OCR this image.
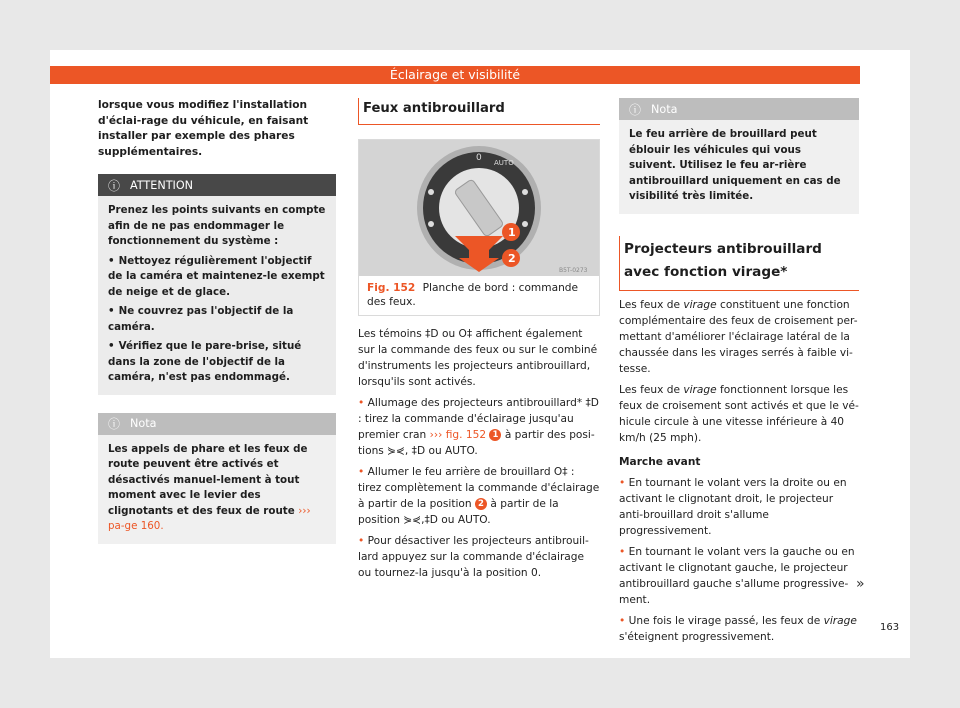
Éclairage et visibilité

lorsque vous modifiez l'installation d'éclai-rage du véhicule, en faisant installer par exemple des phares supplémentaires.

ⓘ ATTENTION

Prenez les points suivants en compte afin de ne pas endommager le fonctionnement du système :

• Nettoyez régulièrement l'objectif de la caméra et maintenez-le exempt de neige et de glace.

• Ne couvrez pas l'objectif de la caméra.

• Vérifiez que le pare-brise, situé dans la zone de l'objectif de la caméra, n'est pas endommagé.

ⓘ Nota

Les appels de phare et les feux de route peuvent être activés et désactivés manuel-lement à tout moment avec le levier des clignotants et des feux de route ››› pa-ge 160.

Feux antibrouillard
0 AUTO
1
2
B5T-0273
Fig. 152 Planche de bord : commande des feux.

Les témoins ‡D ou O‡ affichent également sur la commande des feux ou sur le combiné d'instruments les projecteurs antibrouillard, lorsqu'ils sont activés.

• Allumage des projecteurs antibrouillard* ‡D : tirez la commande d'éclairage jusqu'au premier cran ››› fig. 152 1 à partir des posi-tions ⋟⋞, ‡D ou AUTO.

• Allumer le feu arrière de brouillard O‡ : tirez complètement la commande d'éclairage à partir de la position 2 à partir de la position ⋟⋞,‡D ou AUTO.

• Pour désactiver les projecteurs antibrouil-lard appuyez sur la commande d'éclairage ou tournez-la jusqu'à la position 0.

ⓘ Nota

Le feu arrière de brouillard peut éblouir les véhicules qui vous suivent. Utilisez le feu ar-rière antibrouillard uniquement en cas de visibilité très limitée.

Projecteurs antibrouillard avec fonction virage*

Les feux de virage constituent une fonction complémentaire des feux de croisement per-mettant d'améliorer l'éclairage latéral de la chaussée dans les virages serrés à faible vi-tesse.

Les feux de virage fonctionnent lorsque les feux de croisement sont activés et que le vé-hicule circule à une vitesse inférieure à 40 km/h (25 mph).

Marche avant

• En tournant le volant vers la droite ou en activant le clignotant droit, le projecteur anti-brouillard droit s'allume progressivement.

• En tournant le volant vers la gauche ou en activant le clignotant gauche, le projecteur antibrouillard gauche s'allume progressive-ment.

• Une fois le virage passé, les feux de virage s'éteignent progressivement.

»
163
